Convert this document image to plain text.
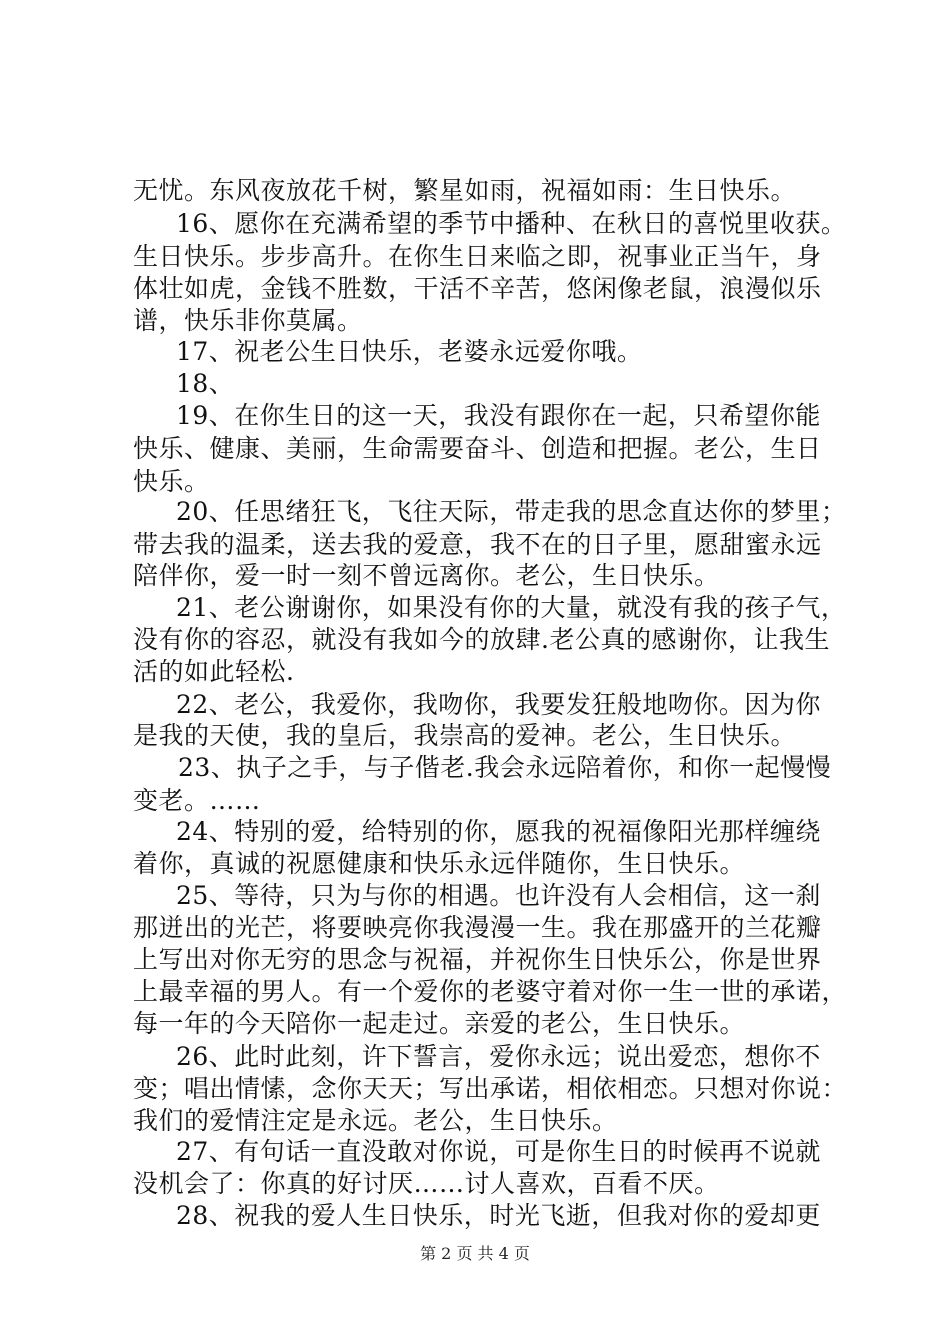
无忧。东风夜放花千树，繁星如雨，祝福如雨：生日快乐。
16、愿你在充满希望的季节中播种、在秋日的喜悦里收获。
生日快乐。步步高升。在你生日来临之即，祝事业正当午，身
体壮如虎，金钱不胜数，干活不辛苦，悠闲像老鼠，浪漫似乐
谱，快乐非你莫属。
17、祝老公生日快乐，老婆永远爱你哦。
18、
19、在你生日的这一天，我没有跟你在一起，只希望你能
快乐、健康、美丽，生命需要奋斗、创造和把握。老公，生日
快乐。
20、任思绪狂飞，飞往天际，带走我的思念直达你的梦里；
带去我的温柔，送去我的爱意，我不在的日子里，愿甜蜜永远
陪伴你，爱一时一刻不曾远离你。老公，生日快乐。
21、老公谢谢你，如果没有你的大量，就没有我的孩子气，
没有你的容忍，就没有我如今的放肆.老公真的感谢你，让我生
活的如此轻松.
22、老公，我爱你，我吻你，我要发狂般地吻你。因为你
是我的天使，我的皇后，我崇高的爱神。老公，生日快乐。
23、执子之手，与子偕老.我会永远陪着你，和你一起慢慢
变老。……
24、特别的爱，给特别的你，愿我的祝福像阳光那样缠绕
着你，真诚的祝愿健康和快乐永远伴随你，生日快乐。
25、等待，只为与你的相遇。也许没有人会相信，这一刹
那迸出的光芒，将要映亮你我漫漫一生。我在那盛开的兰花瓣
上写出对你无穷的思念与祝福，并祝你生日快乐公，你是世界
上最幸福的男人。有一个爱你的老婆守着对你一生一世的承诺，
每一年的今天陪你一起走过。亲爱的老公，生日快乐。
26、此时此刻，许下誓言，爱你永远；说出爱恋，想你不
变；唱出情愫，念你天天；写出承诺，相依相恋。只想对你说：
我们的爱情注定是永远。老公，生日快乐。
27、有句话一直没敢对你说，可是你生日的时候再不说就
没机会了：你真的好讨厌……讨人喜欢，百看不厌。
28、祝我的爱人生日快乐，时光飞逝，但我对你的爱却更
第 2 页 共 4 页
